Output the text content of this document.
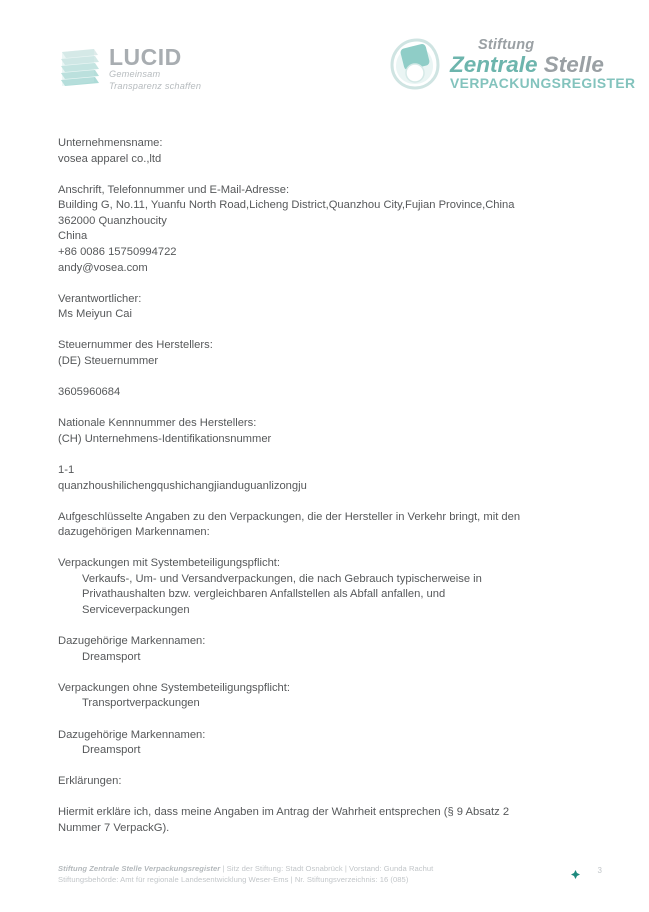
LUCID
Gemeinsam
Transparenz schaffen
Stiftung
Zentrale Stelle
VERPACKUNGSREGISTER
Unternehmensname:
vosea apparel co.,ltd
Anschrift, Telefonnummer und E-Mail-Adresse:
Building G, No.11, Yuanfu North Road,Licheng District,Quanzhou City,Fujian Province,China
362000 Quanzhoucity
China
+86 0086 15750994722
andy@vosea.com
Verantwortlicher:
Ms Meiyun Cai
Steuernummer des Herstellers:
(DE) Steuernummer
3605960684
Nationale Kennnummer des Herstellers:
(CH) Unternehmens-Identifikationsnummer
1-1
quanzhoushilichengqushichangjianduguanlizongju
Aufgeschlüsselte Angaben zu den Verpackungen, die der Hersteller in Verkehr bringt, mit den
dazugehörigen Markennamen:
Verpackungen mit Systembeteiligungspflicht:
Verkaufs-, Um- und Versandverpackungen, die nach Gebrauch typischerweise in
Privathaushalten bzw. vergleichbaren Anfallstellen als Abfall anfallen, und
Serviceverpackungen
Dazugehörige Markennamen:
Dreamsport
Verpackungen ohne Systembeteiligungspflicht:
Transportverpackungen
Dazugehörige Markennamen:
Dreamsport
Erklärungen:
Hiermit erkläre ich, dass meine Angaben im Antrag der Wahrheit entsprechen (§ 9 Absatz 2
Nummer 7 VerpackG).
Stiftung Zentrale Stelle Verpackungsregister | Sitz der Stiftung: Stadt Osnabrück | Vorstand: Gunda Rachut
Stiftungsbehörde: Amt für regionale Landesentwicklung Weser-Ems | Nr. Stiftungsverzeichnis: 16 (085)
3
